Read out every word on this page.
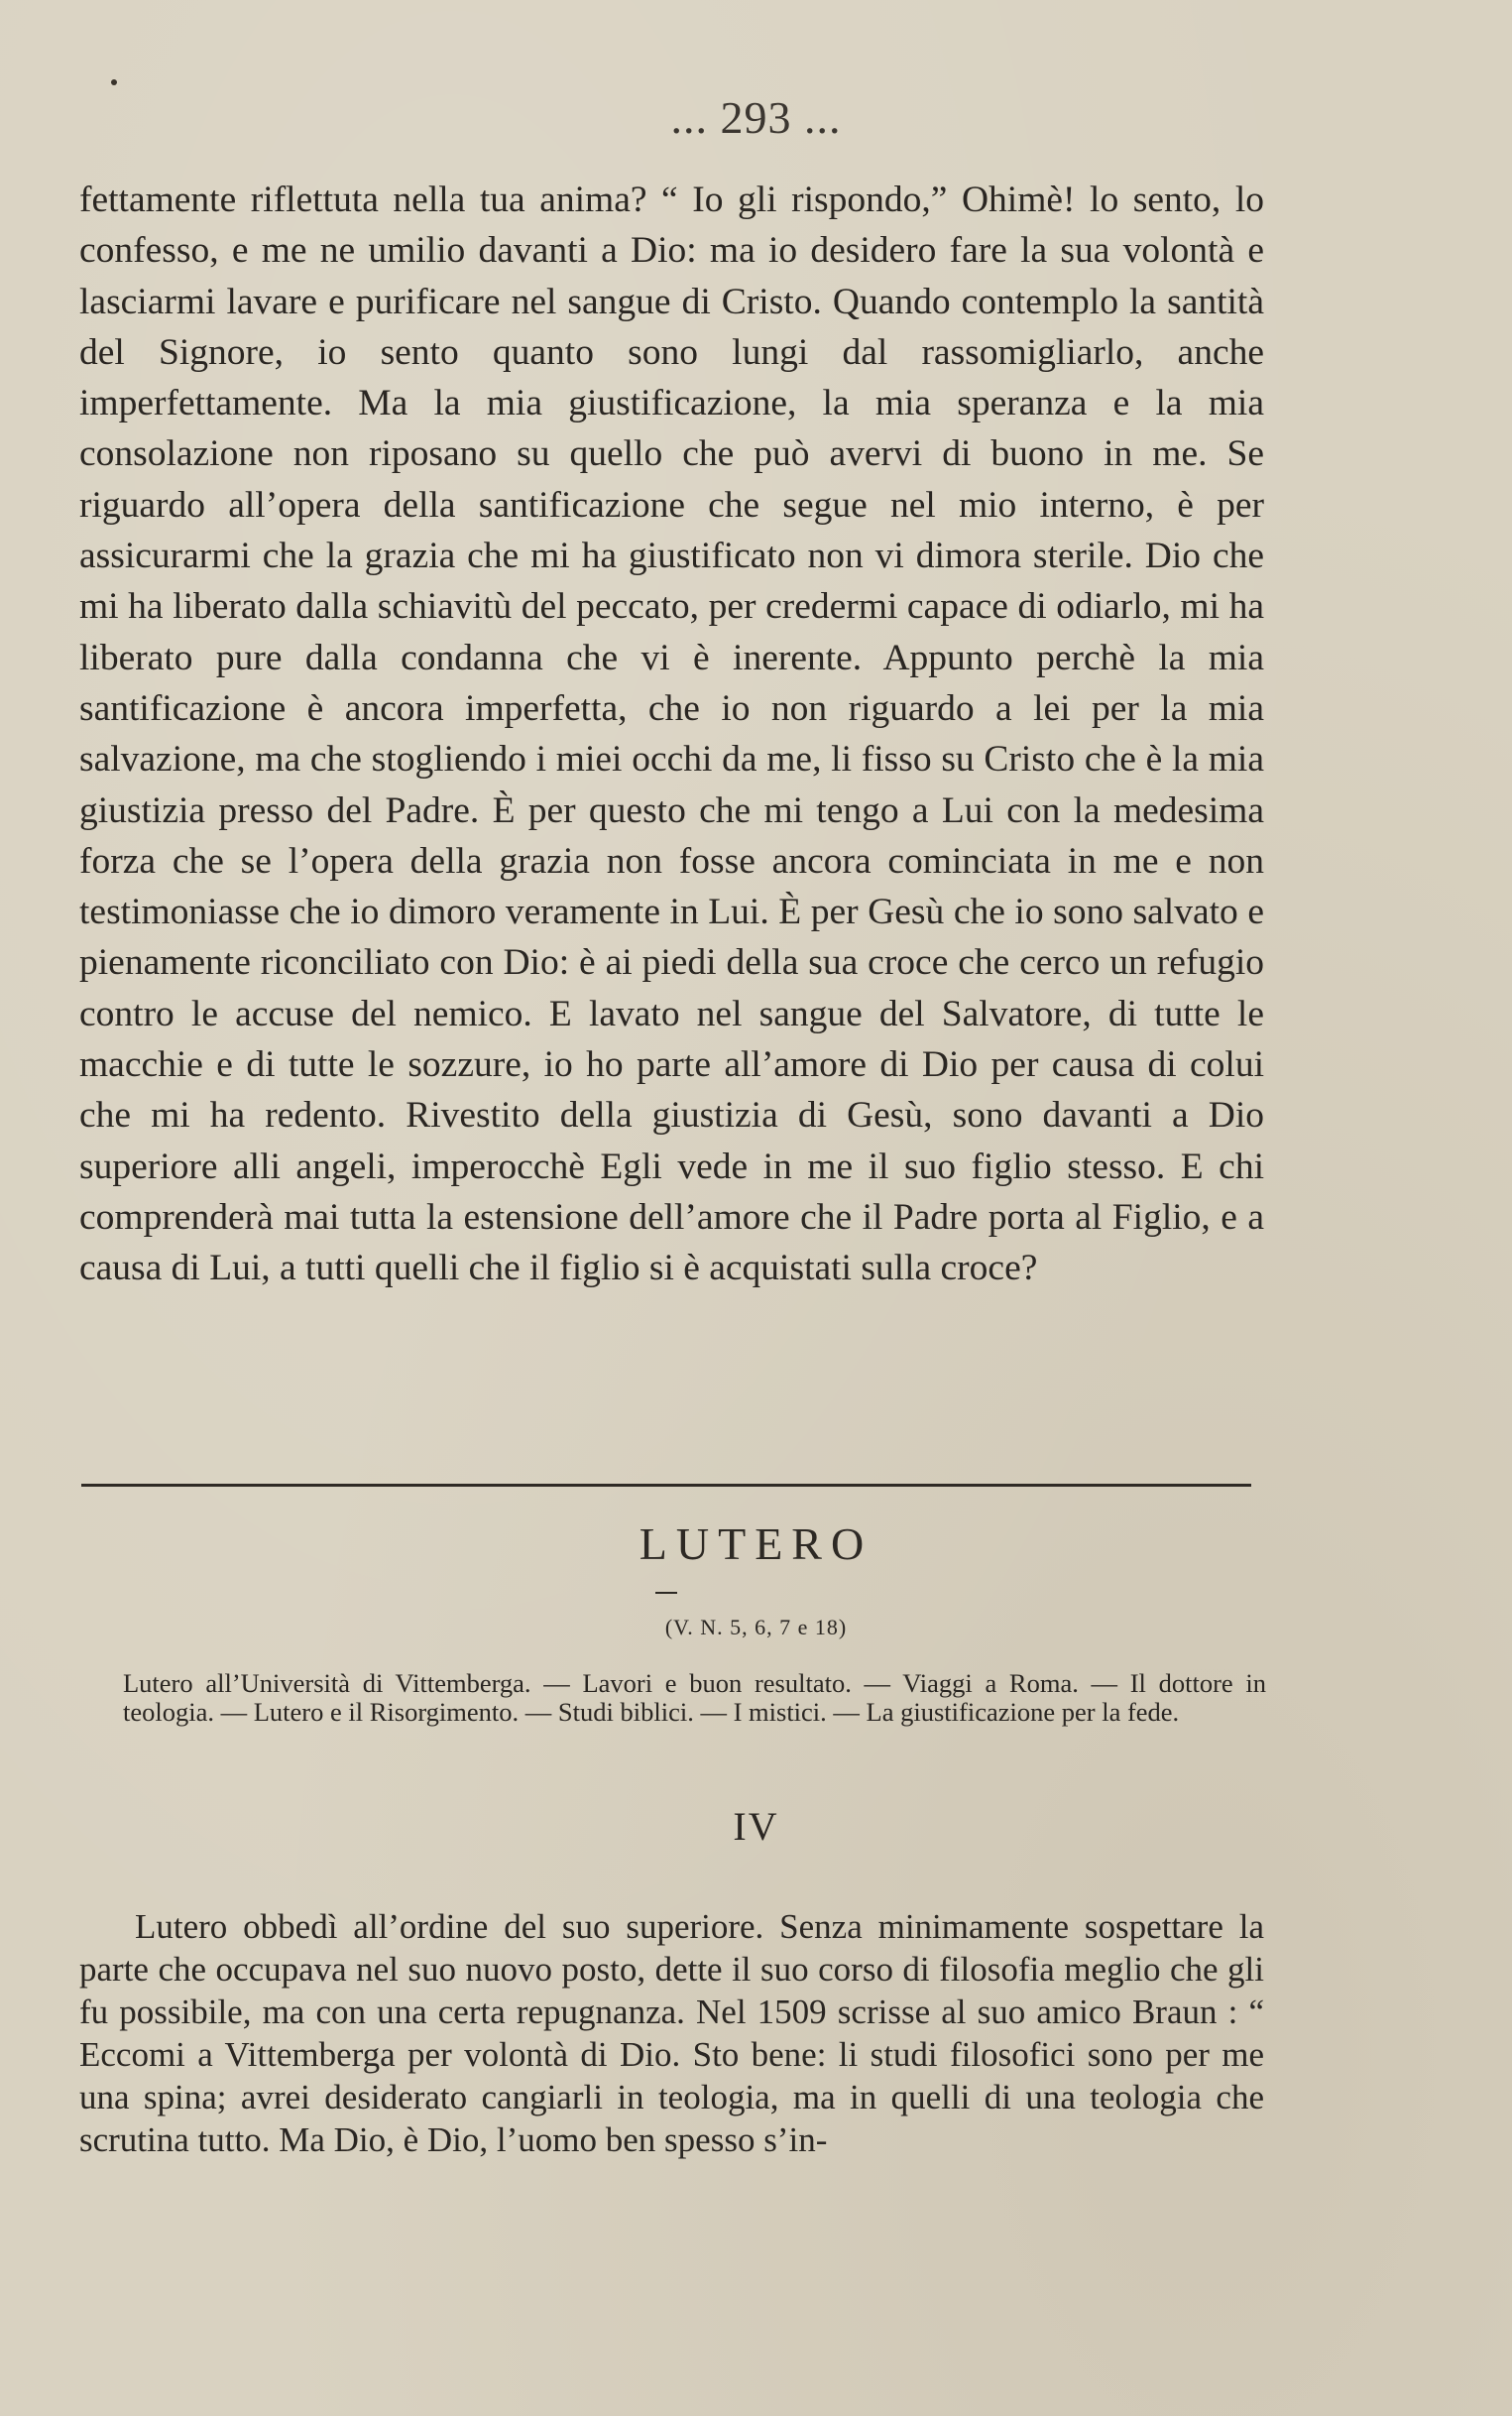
... 293 ...

fettamente riflettuta nella tua anima? “ Io gli rispondo,” Ohimè! lo sento, lo confesso, e me ne umilio davanti a Dio: ma io desidero fare la sua volontà e lasciarmi lavare e purificare nel sangue di Cristo. Quando contemplo la santità del Signore, io sento quanto sono lungi dal rassomigliarlo, anche imperfettamente. Ma la mia giustificazione, la mia speranza e la mia consolazione non riposano su quello che può avervi di buono in me. Se riguardo all’opera della santificazione che segue nel mio interno, è per assicurarmi che la grazia che mi ha giustificato non vi dimora sterile. Dio che mi ha liberato dalla schiavitù del peccato, per credermi capace di odiarlo, mi ha liberato pure dalla condanna che vi è inerente. Appunto perchè la mia santificazione è ancora imperfetta, che io non riguardo a lei per la mia salvazione, ma che stogliendo i miei occhi da me, li fisso su Cristo che è la mia giustizia presso del Padre. È per questo che mi tengo a Lui con la medesima forza che se l’opera della grazia non fosse ancora cominciata in me e non testimoniasse che io dimoro veramente in Lui. È per Gesù che io sono salvato e pienamente riconciliato con Dio: è ai piedi della sua croce che cerco un refugio contro le accuse del nemico. E lavato nel sangue del Salvatore, di tutte le macchie e di tutte le sozzure, io ho parte all’amore di Dio per causa di colui che mi ha redento. Rivestito della giustizia di Gesù, sono davanti a Dio superiore alli angeli, imperocchè Egli vede in me il suo figlio stesso. E chi comprenderà mai tutta la estensione dell’amore che il Padre porta al Figlio, e a causa di Lui, a tutti quelli che il figlio si è acquistati sulla croce?

LUTERO
(V. N. 5, 6, 7 e 18)
Lutero all’Università di Vittemberga. — Lavori e buon resultato. — Viaggi a Roma. — Il dottore in teologia. — Lutero e il Risorgimento. — Studi biblici. — I mistici. — La giustificazione per la fede.
IV
Lutero obbedì all’ordine del suo superiore. Senza minimamente sospettare la parte che occupava nel suo nuovo posto, dette il suo corso di filosofia meglio che gli fu possibile, ma con una certa repugnanza. Nel 1509 scrisse al suo amico Braun : “ Eccomi a Vittemberga per volontà di Dio. Sto bene: li studi filosofici sono per me una spina; avrei desiderato cangiarli in teologia, ma in quelli di una teologia che scrutina tutto. Ma Dio, è Dio, l’uomo ben spesso s’in-
